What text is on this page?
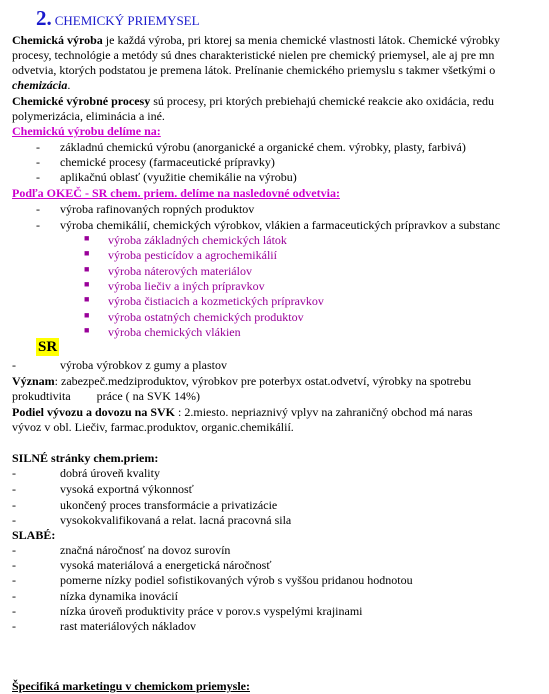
2. CHEMICKÝ PRIEMYSEL
Chemická výroba je každá výroba, pri ktorej sa menia chemické vlastnosti látok. Chemické výrobky
procesy, technológie a metódy sú dnes charakteristické nielen pre chemický priemysel, ale aj pre mn
odvetvia, ktorých podstatou je premena látok. Prelínanie chemického priemyslu s takmer všetkými o
chemizácia.
Chemické výrobné procesy sú procesy, pri ktorých prebiehajú chemické reakcie ako oxidácia, redu
polymerizácia, eliminácia a iné.
Chemickú výrobu delíme na:
- základnú chemickú výrobu (anorganické a organické chem. výrobky, plasty, farbivá)
- chemické procesy (farmaceutické prípravky)
- aplikačnú oblasť (využitie chemikálie na výrobu)
Podľa OKEČ - SR chem. priem. delíme na nasledovné odvetvia:
- výroba rafinovaných ropných produktov
- výroba chemikálií, chemických výrobkov, vlákien a farmaceutických prípravkov a substanc
■ výroba základných chemických látok
■ výroba pesticídov a agrochemikálií
■ výroba náterových materiálov
■ výroba liečiv a iných prípravkov
■ výroba čistiacich a kozmetických prípravkov
■ výroba ostatných chemických produktov
■ výroba chemických vlákien
SR
-	výroba výrobkov z gumy a plastov
Význam: zabezpeč.medziproduktov, výrobkov pre poterbyx ostat.odvetví, výrobky na spotrebu
prokudtivita práce ( na SVK 14%)
Podiel vývozu a dovozu na SVK : 2.miesto. nepriaznivý vplyv na zahraničný obchod má naras
vývoz v obl. Liečiv, farmac.produktov, organic.chemikálií.
SILNÉ stránky chem.priem:
-	dobrá úroveň kvality
-	vysoká exportná výkonnosť
-	ukončený proces transformácie a privatizácie
-	vysokokvalifikovaná a relat. lacná pracovná sila
SLABÉ:
-	značná náročnosť na dovoz surovín
-	vysoká materiálová a energetická náročnosť
-	pomerne nízky podiel sofistikovaných výrob s vyššou pridanou hodnotou
-	nízka dynamika inovácií
-	nízka úroveň produktivity práce v porov.s vyspelými krajinami
-	rast materiálových nákladov
Špecifiká marketingu v chemickom priemysle:
